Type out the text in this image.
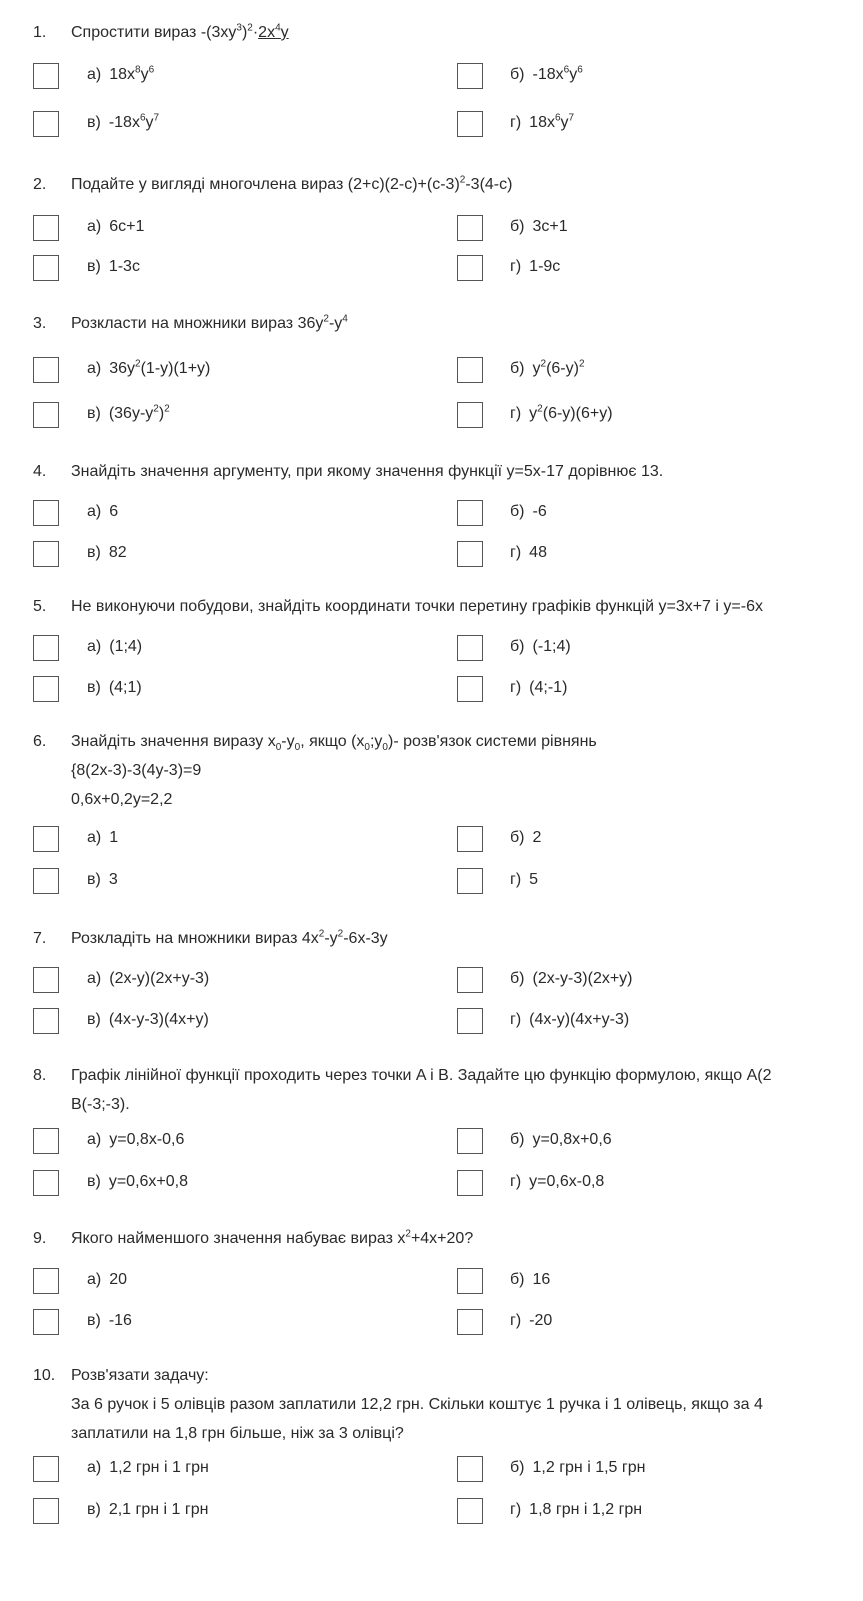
1. Спростити вираз $-(3xy^3)^2\cdot 2x^4y$
а) $18x^8y^6$	б) $-18x^6y^6$
в) $-18x^6y^7$	г) $18x^6y^7$
2. Подайте у вигляді многочлена вираз $(2+с)(2-с)+(с-3)^2-3(4-с)$
а) 6с+1	б) 3с+1
в) 1-3с	г) 1-9с
3. Розкласти на множники вираз $36y^2-y^4$
а) $36y^2(1-y)(1+y)$	б) $y^2(6-y)^2$
в) $(36y-y^2)^2$	г) $y^2(6-y)(6+y)$
4. Знайдіть значення аргументу, при якому значення функції y=5x-17 дорівнює 13.
а) 6	б) -6
в) 82	г) 48
5. Не виконуючи побудови, знайдіть координати точки перетину графіків функцій y=3x+7 і y=-6x
а) (1;4)	б) (-1;4)
в) (4;1)	г) (4;-1)
6. Знайдіть значення виразу $x_0-y_0$, якщо $(x_0;y_0)-$ розв'язок системи рівнянь
{8(2x-3)-3(4y-3)=9
0,6x+0,2y=2,2
а) 1	б) 2
в) 3	г) 5
7. Розкладіть на множники вираз $4x^2-y^2-6x-3y$
а) (2x-y)(2x+y-3)	б) (2x-y-3)(2x+y)
в) (4x-y-3)(4x+y)	г) (4x-y)(4x+y-3)
8. Графік лінійної функції проходить через точки A і B. Задайте цю функцію формулою, якщо A(2
B(-3;-3).
а) y=0,8x-0,6	б) y=0,8x+0,6
в) y=0,6x+0,8	г) y=0,6x-0,8
9. Якого найменшого значення набуває вираз $x^2+4x+20$?
а) 20	б) 16
в) -16	г) -20
10. Розв'язати задачу:
За 6 ручок і 5 олівців разом заплатили 12,2 грн. Скільки коштує 1 ручка і 1 олівець, якщо за 4
заплатили на 1,8 грн більше, ніж за 3 олівці?
а) 1,2 грн і 1 грн	б) 1,2 грн і 1,5 грн
в) 2,1 грн і 1 грн	г) 1,8 грн і 1,2 грн
